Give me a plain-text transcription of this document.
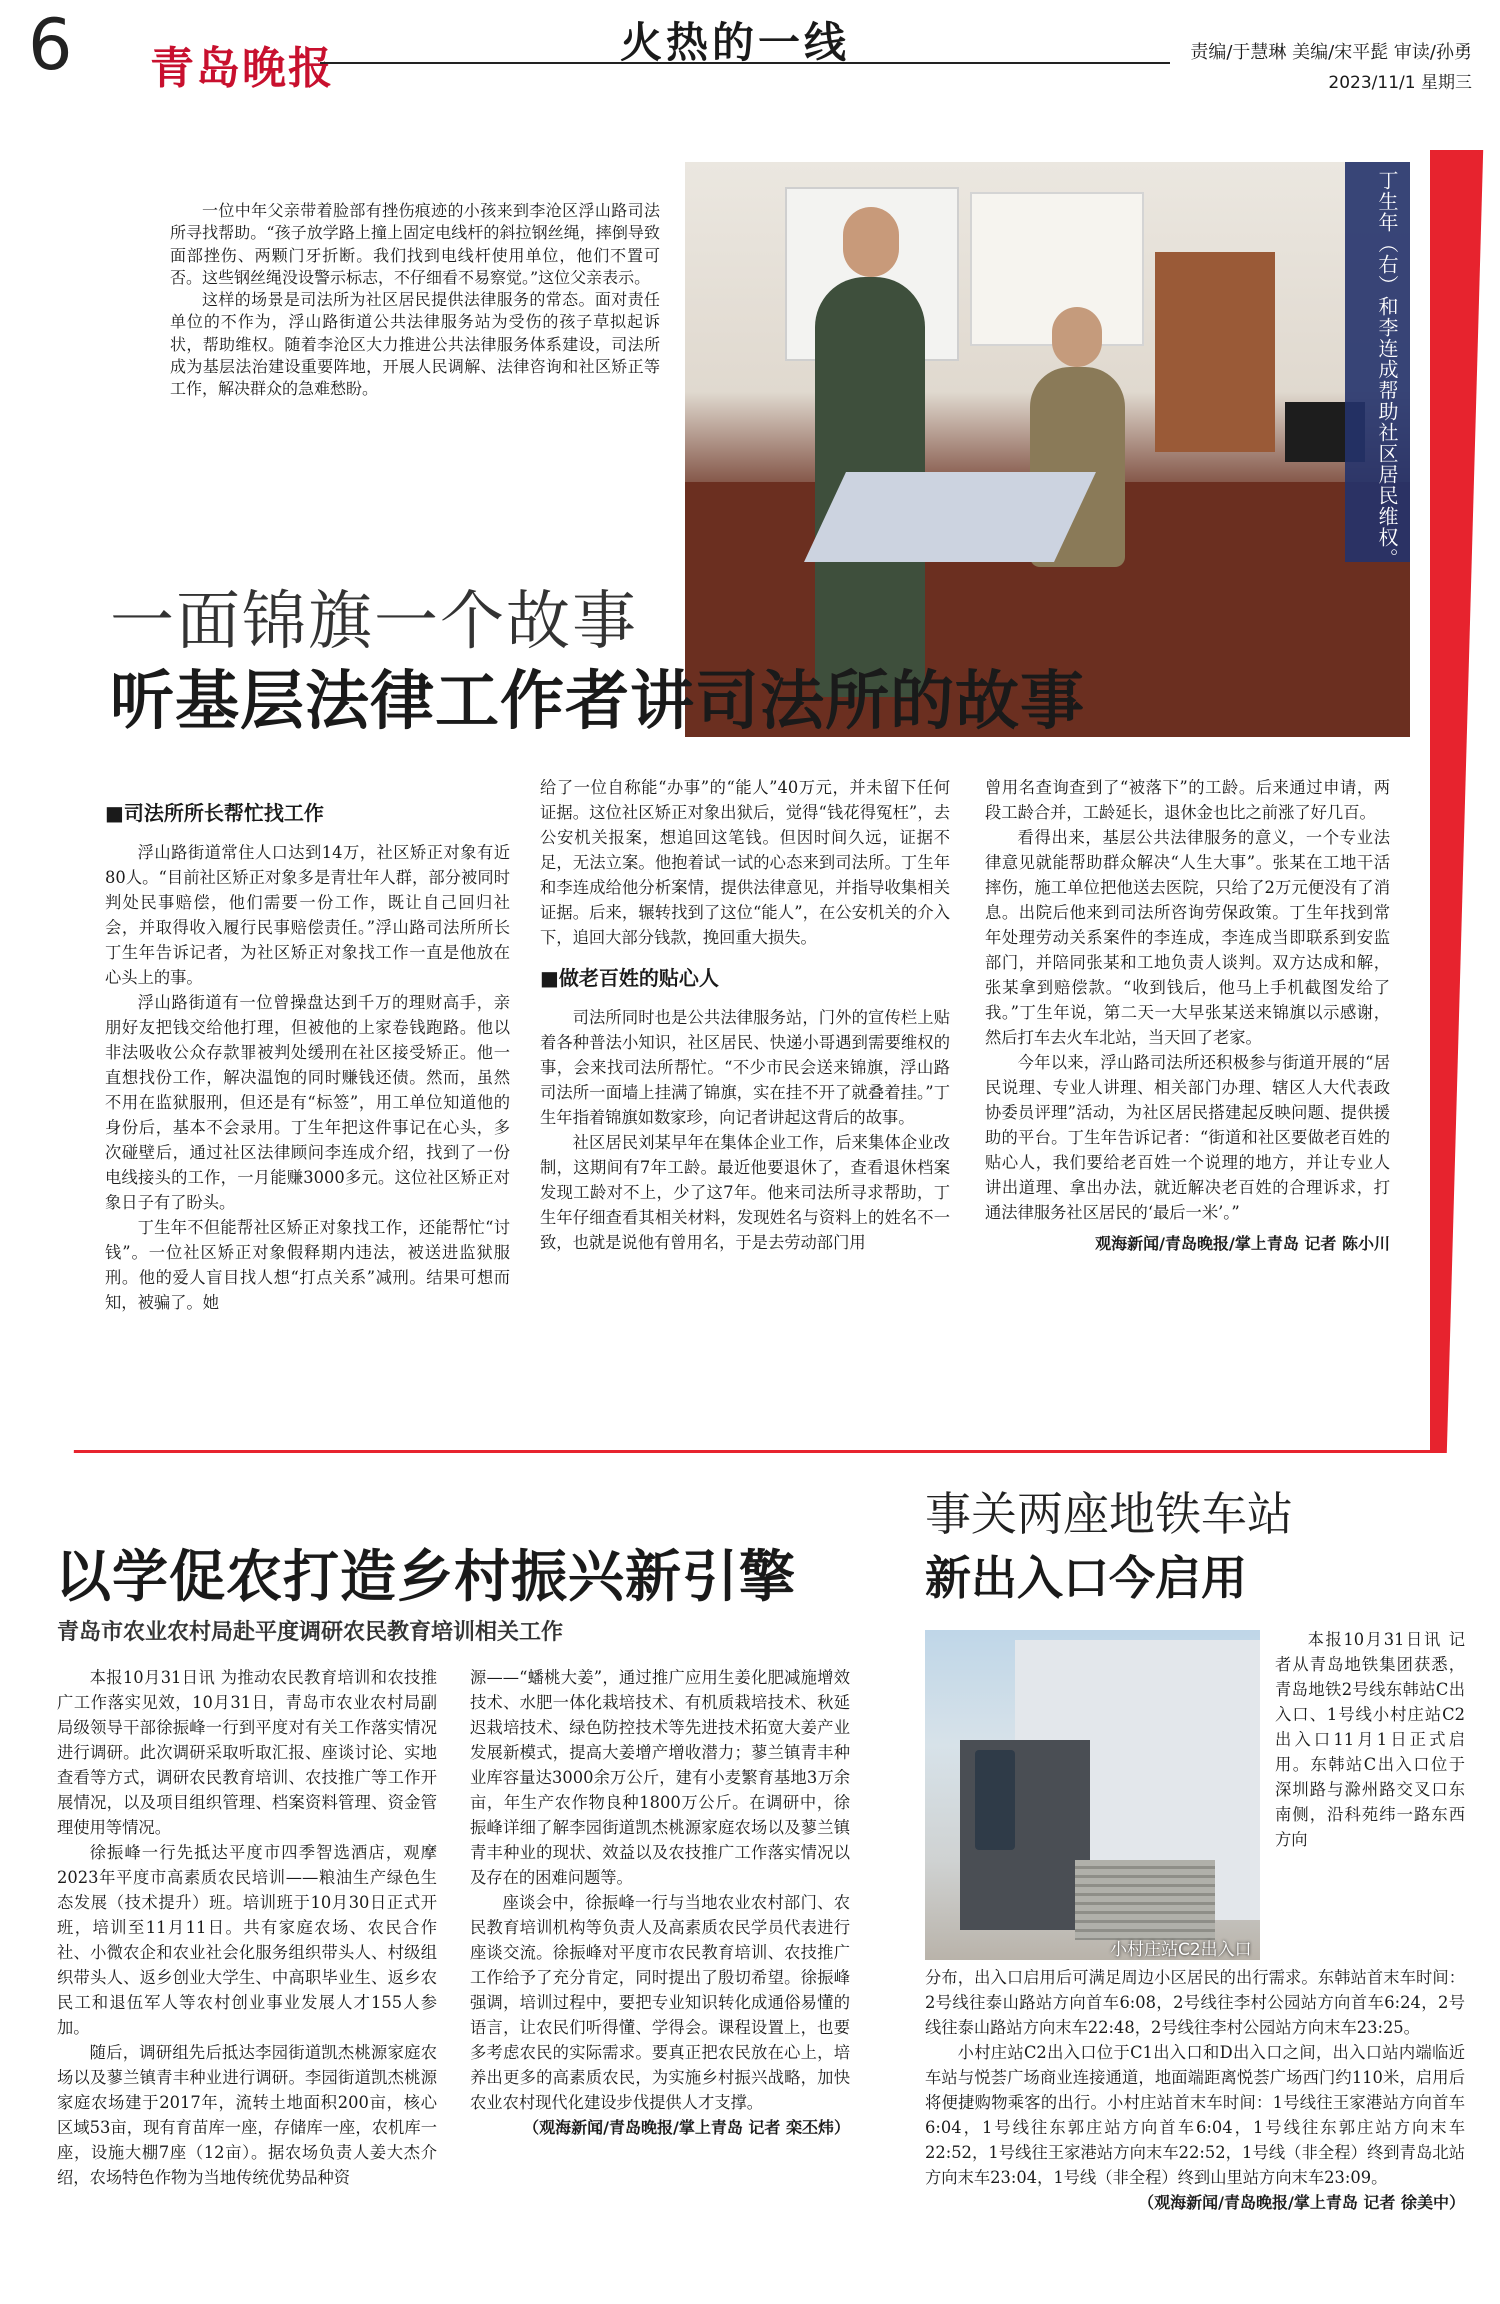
6 青岛晚报
火热的一线	责编/于慧琳 美编/宋平髭 审读/孙勇
2023/11/1 星期三
丁生年（右）和李连成帮助社区居民维权。

一位中年父亲带着脸部有挫伤痕迹的小孩来到李沧区浮山路司法所寻找帮助。“孩子放学路上撞上固定电线杆的斜拉钢丝绳，摔倒导致面部挫伤、两颗门牙折断。我们找到电线杆使用单位，他们不置可否。这些钢丝绳没设警示标志，不仔细看不易察觉。”这位父亲表示。

这样的场景是司法所为社区居民提供法律服务的常态。面对责任单位的不作为，浮山路街道公共法律服务站为受伤的孩子草拟起诉状，帮助维权。随着李沧区大力推进公共法律服务体系建设，司法所成为基层法治建设重要阵地，开展人民调解、法律咨询和社区矫正等工作，解决群众的急难愁盼。

一面锦旗一个故事
听基层法律工作者讲司法所的故事
■司法所所长帮忙找工作

浮山路街道常住人口达到14万，社区矫正对象有近80人。“目前社区矫正对象多是青壮年人群，部分被同时判处民事赔偿，他们需要一份工作，既让自己回归社会，并取得收入履行民事赔偿责任。”浮山路司法所所长丁生年告诉记者，为社区矫正对象找工作一直是他放在心头上的事。

浮山路街道有一位曾操盘达到千万的理财高手，亲朋好友把钱交给他打理，但被他的上家卷钱跑路。他以非法吸收公众存款罪被判处缓刑在社区接受矫正。他一直想找份工作，解决温饱的同时赚钱还债。然而，虽然不用在监狱服刑，但还是有“标签”，用工单位知道他的身份后，基本不会录用。丁生年把这件事记在心头，多次碰壁后，通过社区法律顾问李连成介绍，找到了一份电线接头的工作，一月能赚3000多元。这位社区矫正对象日子有了盼头。

丁生年不但能帮社区矫正对象找工作，还能帮忙“讨钱”。一位社区矫正对象假释期内违法，被送进监狱服刑。他的爱人盲目找人想“打点关系”减刑。结果可想而知，被骗了。她

给了一位自称能“办事”的“能人”40万元，并未留下任何证据。这位社区矫正对象出狱后，觉得“钱花得冤枉”，去公安机关报案，想追回这笔钱。但因时间久远，证据不足，无法立案。他抱着试一试的心态来到司法所。丁生年和李连成给他分析案情，提供法律意见，并指导收集相关证据。后来，辗转找到了这位“能人”，在公安机关的介入下，追回大部分钱款，挽回重大损失。

■做老百姓的贴心人

司法所同时也是公共法律服务站，门外的宣传栏上贴着各种普法小知识，社区居民、快递小哥遇到需要维权的事，会来找司法所帮忙。“不少市民会送来锦旗，浮山路司法所一面墙上挂满了锦旗，实在挂不开了就叠着挂。”丁生年指着锦旗如数家珍，向记者讲起这背后的故事。

社区居民刘某早年在集体企业工作，后来集体企业改制，这期间有7年工龄。最近他要退休了，查看退休档案发现工龄对不上，少了这7年。他来司法所寻求帮助，丁生年仔细查看其相关材料，发现姓名与资料上的姓名不一致，也就是说他有曾用名，于是去劳动部门用

曾用名查询查到了“被落下”的工龄。后来通过申请，两段工龄合并，工龄延长，退休金也比之前涨了好几百。

看得出来，基层公共法律服务的意义，一个专业法律意见就能帮助群众解决“人生大事”。张某在工地干活摔伤，施工单位把他送去医院，只给了2万元便没有了消息。出院后他来到司法所咨询劳保政策。丁生年找到常年处理劳动关系案件的李连成，李连成当即联系到安监部门，并陪同张某和工地负责人谈判。双方达成和解，张某拿到赔偿款。“收到钱后，他马上手机截图发给了我。”丁生年说，第二天一大早张某送来锦旗以示感谢，然后打车去火车北站，当天回了老家。

今年以来，浮山路司法所还积极参与街道开展的“居民说理、专业人讲理、相关部门办理、辖区人大代表政协委员评理”活动，为社区居民搭建起反映问题、提供援助的平台。丁生年告诉记者：“街道和社区要做老百姓的贴心人，我们要给老百姓一个说理的地方，并让专业人讲出道理、拿出办法，就近解决老百姓的合理诉求，打通法律服务社区居民的‘最后一米’。”

观海新闻/青岛晚报/掌上青岛 记者 陈小川

以学促农打造乡村振兴新引擎
青岛市农业农村局赴平度调研农民教育培训相关工作

本报10月31日讯 为推动农民教育培训和农技推广工作落实见效，10月31日，青岛市农业农村局副局级领导干部徐振峰一行到平度对有关工作落实情况进行调研。此次调研采取听取汇报、座谈讨论、实地查看等方式，调研农民教育培训、农技推广等工作开展情况，以及项目组织管理、档案资料管理、资金管理使用等情况。

徐振峰一行先抵达平度市四季智选酒店，观摩2023年平度市高素质农民培训——粮油生产绿色生态发展（技术提升）班。培训班于10月30日正式开班，培训至11月11日。共有家庭农场、农民合作社、小微农企和农业社会化服务组织带头人、村级组织带头人、返乡创业大学生、中高职毕业生、返乡农民工和退伍军人等农村创业事业发展人才155人参加。

随后，调研组先后抵达李园街道凯杰桃源家庭农场以及蓼兰镇青丰种业进行调研。李园街道凯杰桃源家庭农场建于2017年，流转土地面积200亩，核心区域53亩，现有育苗库一座，存储库一座，农机库一座，设施大棚7座（12亩）。据农场负责人姜大杰介绍，农场特色作物为当地传统优势品种资

源——“蟠桃大姜”，通过推广应用生姜化肥减施增效技术、水肥一体化栽培技术、有机质栽培技术、秋延迟栽培技术、绿色防控技术等先进技术拓宽大姜产业发展新模式，提高大姜增产增收潜力；蓼兰镇青丰种业库容量达3000余万公斤，建有小麦繁育基地3万余亩，年生产农作物良种1800万公斤。在调研中，徐振峰详细了解李园街道凯杰桃源家庭农场以及蓼兰镇青丰种业的现状、效益以及农技推广工作落实情况以及存在的困难问题等。

座谈会中，徐振峰一行与当地农业农村部门、农民教育培训机构等负责人及高素质农民学员代表进行座谈交流。徐振峰对平度市农民教育培训、农技推广工作给予了充分肯定，同时提出了殷切希望。徐振峰强调，培训过程中，要把专业知识转化成通俗易懂的语言，让农民们听得懂、学得会。课程设置上，也要多考虑农民的实际需求。要真正把农民放在心上，培养出更多的高素质农民，为实施乡村振兴战略，加快农业农村现代化建设步伐提供人才支撑。

（观海新闻/青岛晚报/掌上青岛 记者 栾丕炜）

事关两座地铁车站
新出入口今启用
小村庄站C2出入口

本报10月31日讯 记者从青岛地铁集团获悉，青岛地铁2号线东韩站C出入口、1号线小村庄站C2出入口11月1日正式启用。东韩站C出入口位于深圳路与滁州路交叉口东南侧，沿科苑纬一路东西方向

分布，出入口启用后可满足周边小区居民的出行需求。东韩站首末车时间：2号线往泰山路站方向首车6:08，2号线往李村公园站方向首车6:24，2号线往泰山路站方向末车22:48，2号线往李村公园站方向末车23:25。

小村庄站C2出入口位于C1出入口和D出入口之间，出入口站内端临近车站与悦荟广场商业连接通道，地面端距离悦荟广场西门约110米，启用后将便捷购物乘客的出行。小村庄站首末车时间：1号线往王家港站方向首车6:04，1号线往东郭庄站方向首车6:04，1号线往东郭庄站方向末车22:52，1号线往王家港站方向末车22:52，1号线（非全程）终到青岛北站方向末车23:04，1号线（非全程）终到山里站方向末车23:09。

（观海新闻/青岛晚报/掌上青岛 记者 徐美中）
